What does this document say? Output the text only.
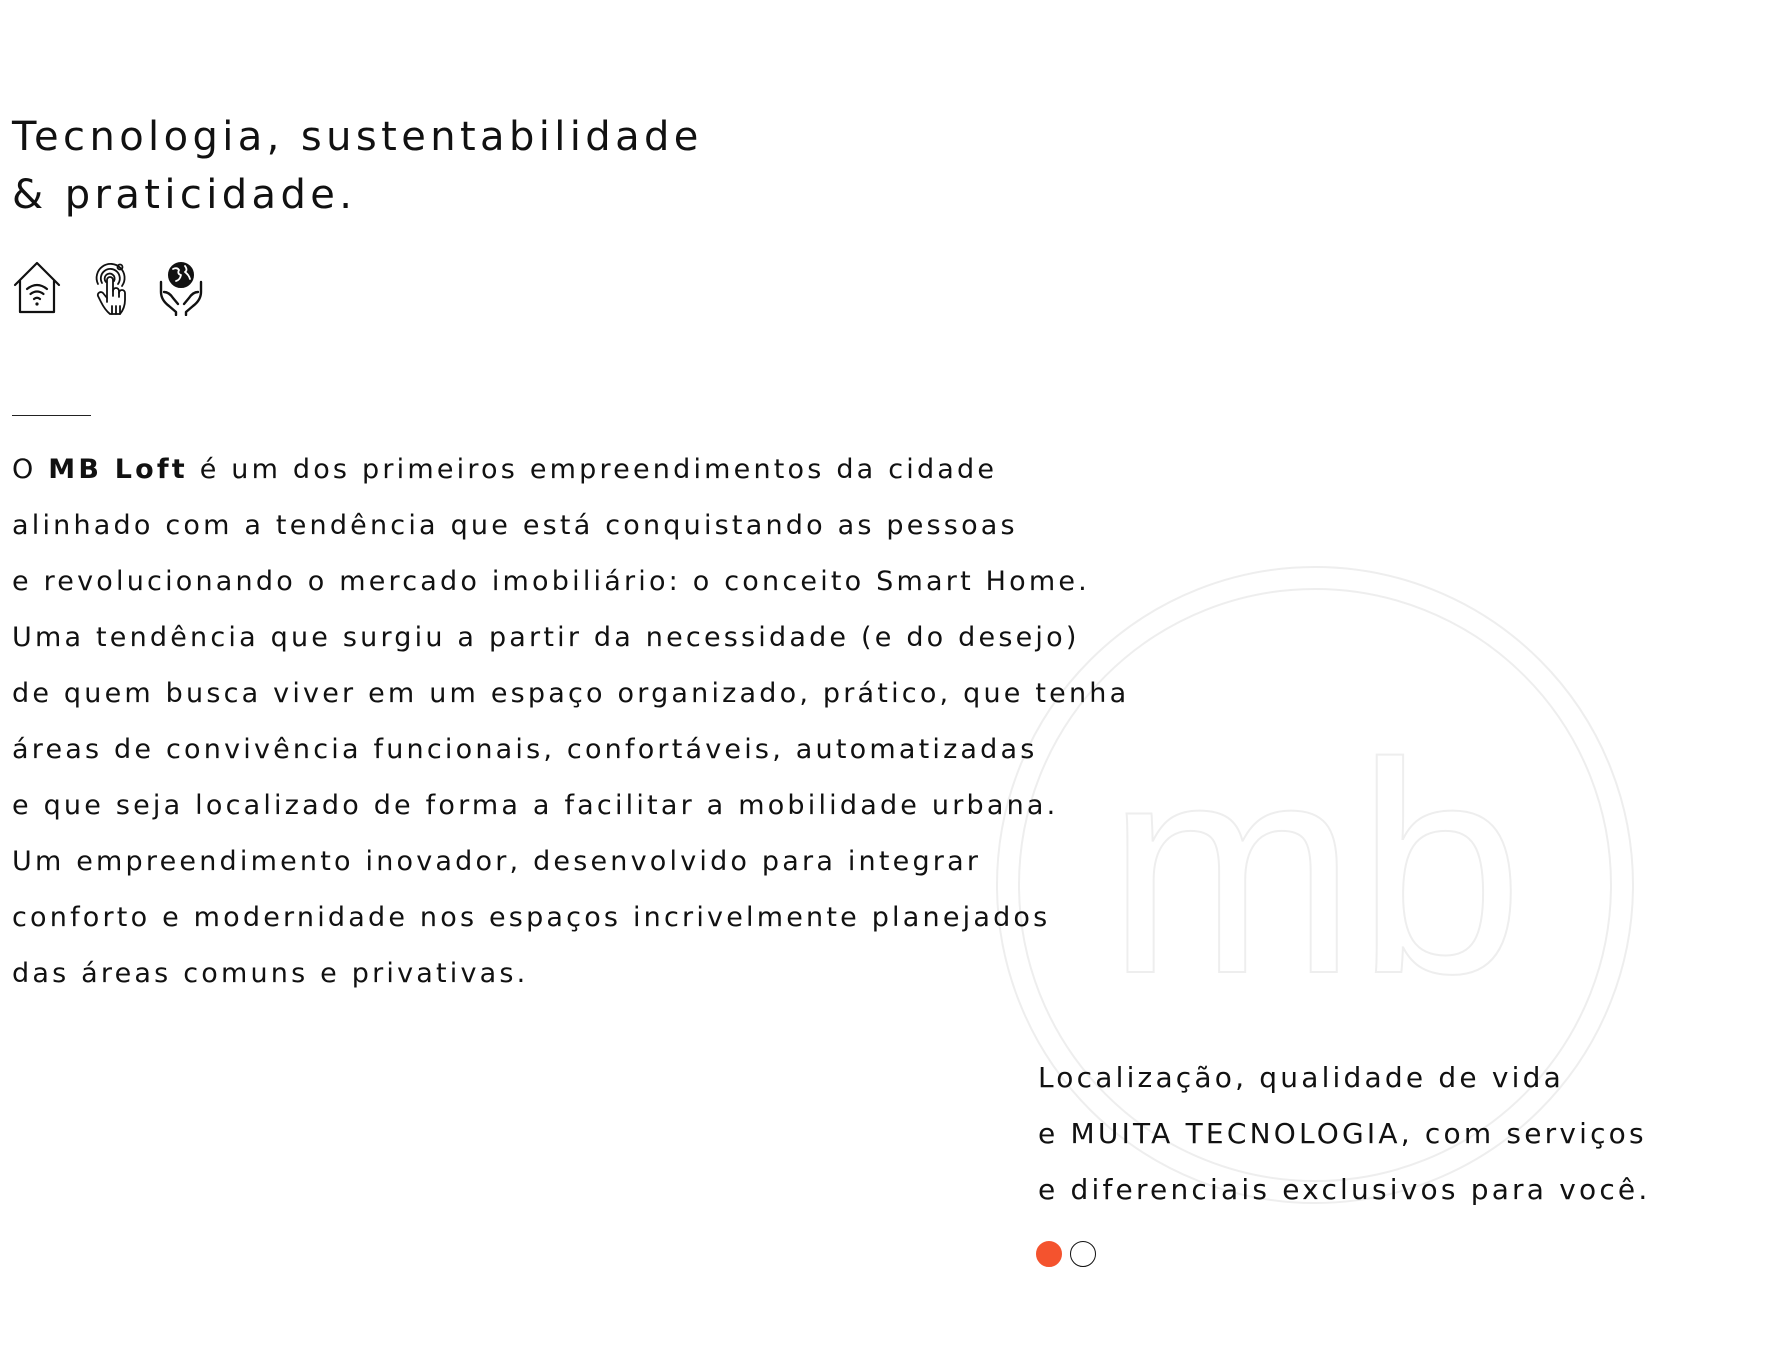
mb
Tecnologia, sustentabilidade
& praticidade.

O MB Loft é um dos primeiros empreendimentos da cidade
alinhado com a tendência que está conquistando as pessoas
e revolucionando o mercado imobiliário: o conceito Smart Home.
Uma tendência que surgiu a partir da necessidade (e do desejo)
de quem busca viver em um espaço organizado, prático, que tenha
áreas de convivência funcionais, confortáveis, automatizadas
e que seja localizado de forma a facilitar a mobilidade urbana.
Um empreendimento inovador, desenvolvido para integrar
conforto e modernidade nos espaços incrivelmente planejados
das áreas comuns e privativas.

Localização, qualidade de vida
e MUITA TECNOLOGIA, com serviços
e diferenciais exclusivos para você.
